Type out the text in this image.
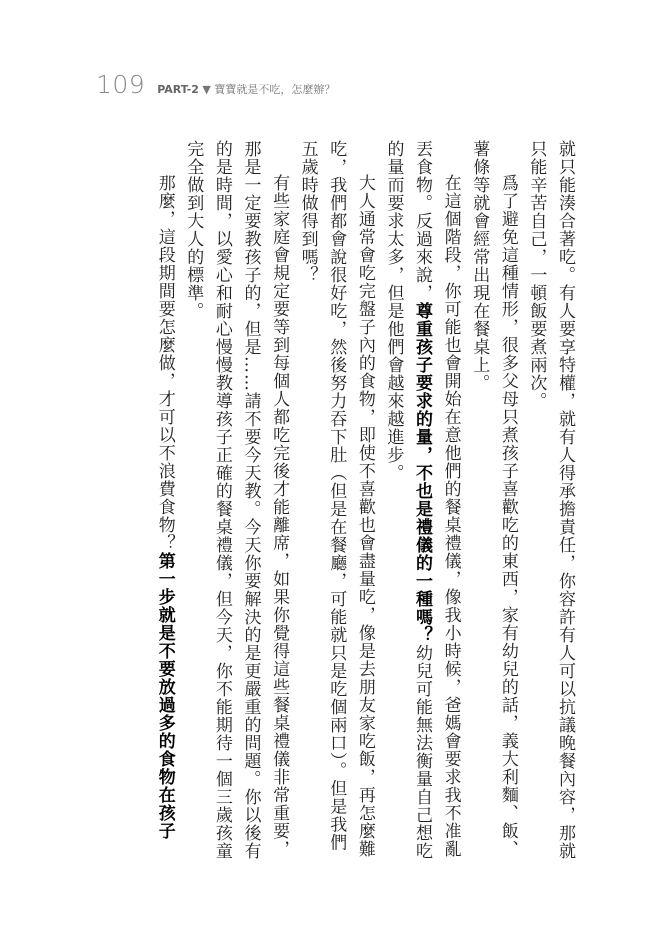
109 PART-2 ▼ 寶寶就是不吃，怎麼辦？

就只能湊合著吃。有人要享特權，就有人得承擔責任，你容許有人可以抗議晚餐內容，那就只能辛苦自己，一頓飯要煮兩次。

爲了避免這種情形，很多父母只煮孩子喜歡吃的東西，家有幼兒的話，義大利麵、飯、薯條等就會經常出現在餐桌上。

在這個階段，你可能也會開始在意他們的餐桌禮儀，像我小時候，爸媽會要求我不准亂丟食物。反過來說，尊重孩子要求的量，不也是禮儀的一種嗎？幼兒可能無法衡量自己想吃的量而要求太多，但是他們會越來越進步。

大人通常會吃完盤子內的食物，即使不喜歡也會盡量吃，像是去朋友家吃飯，再怎麼難吃，我們都會說很好吃，然後努力吞下肚（但是在餐廳，可能就只是吃個兩口）。但是我們五歲時做得到嗎？

有些家庭會規定要等到每個人都吃完後才能離席，如果你覺得這些餐桌禮儀非常重要，那是一定要教孩子的，但是……請不要今天教。今天你要解決的是更嚴重的問題。你以後有的是時間，以愛心和耐心慢慢教導孩子正確的餐桌禮儀，但今天，你不能期待一個三歲孩童完全做到大人的標準。

那麼，這段期間要怎麼做，才可以不浪費食物？第一步就是不要放過多的食物在孩子
